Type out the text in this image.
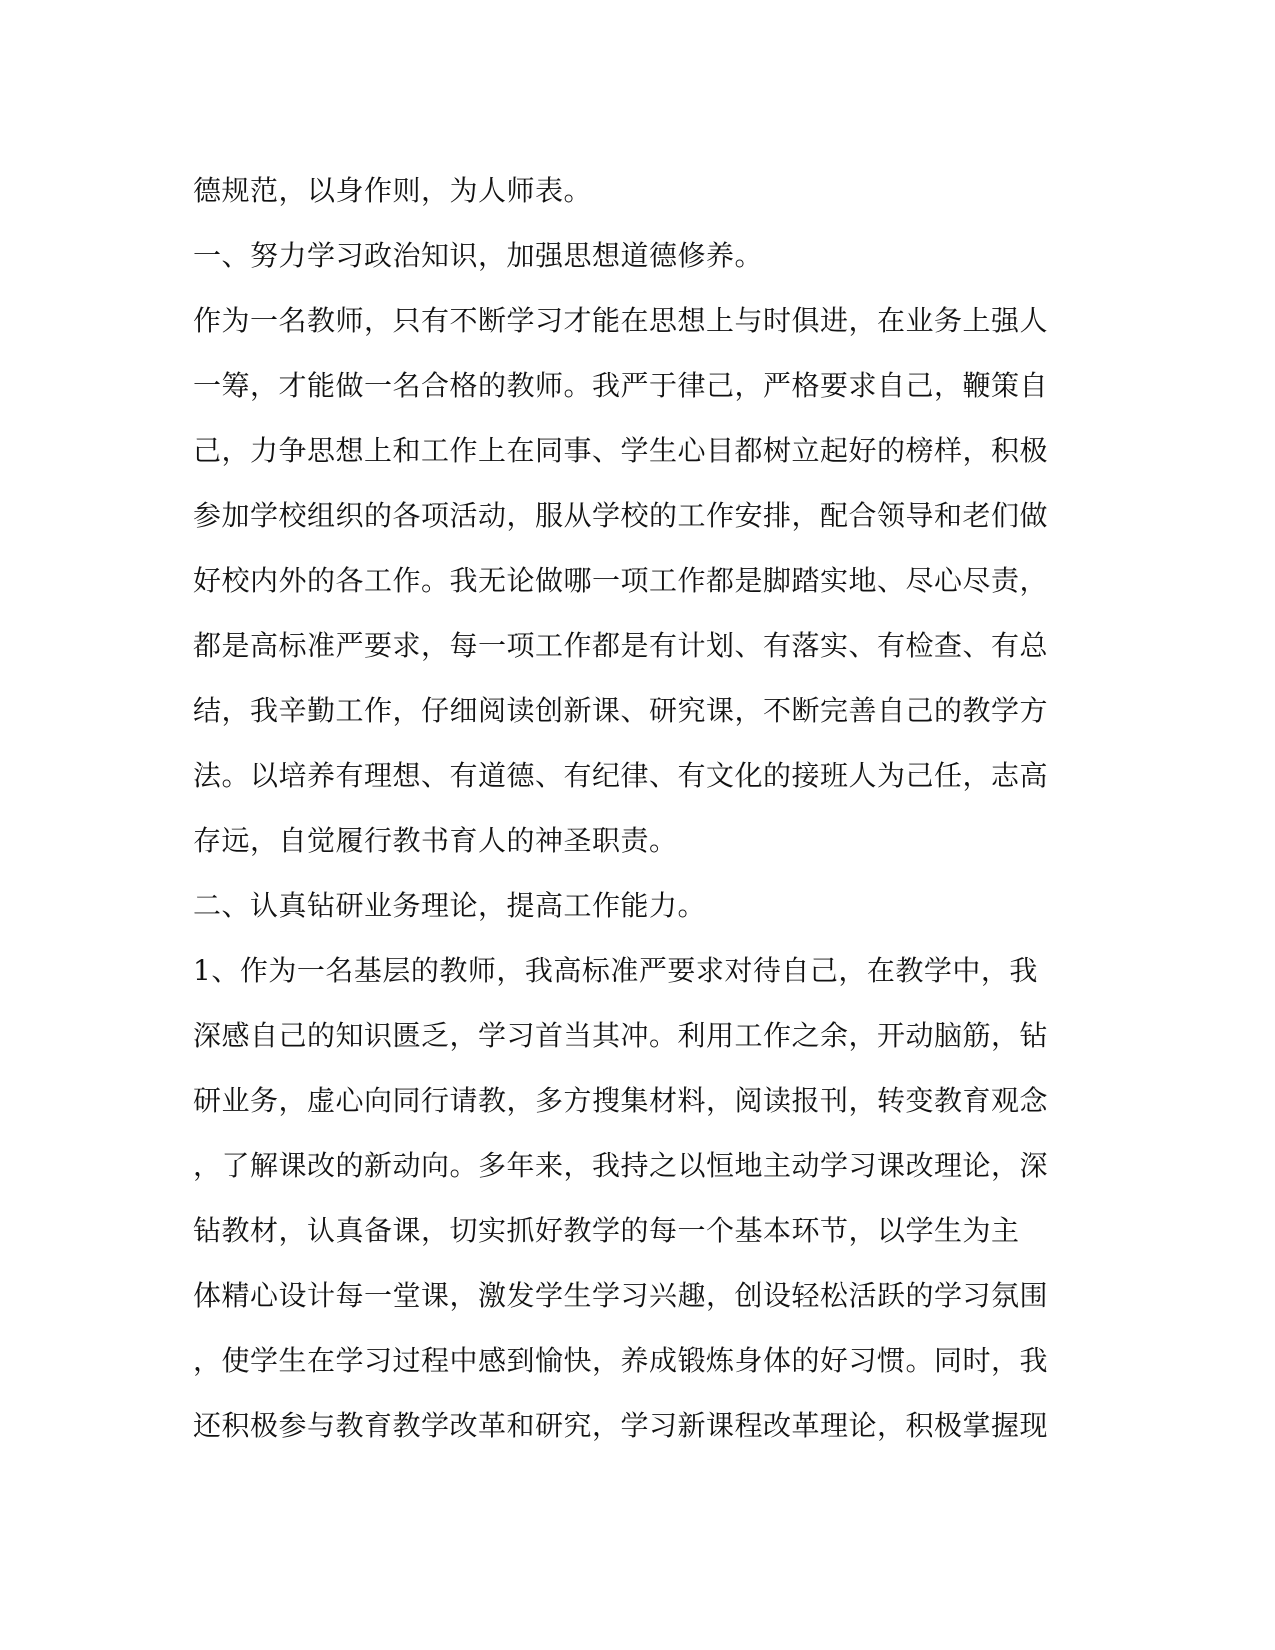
德规范，以身作则，为人师表。
一、努力学习政治知识，加强思想道德修养。
作为一名教师，只有不断学习才能在思想上与时俱进，在业务上强人
一筹，才能做一名合格的教师。我严于律己，严格要求自己，鞭策自
己，力争思想上和工作上在同事、学生心目都树立起好的榜样，积极
参加学校组织的各项活动，服从学校的工作安排，配合领导和老们做
好校内外的各工作。我无论做哪一项工作都是脚踏实地、尽心尽责，
都是高标准严要求，每一项工作都是有计划、有落实、有检查、有总
结，我辛勤工作，仔细阅读创新课、研究课，不断完善自己的教学方
法。以培养有理想、有道德、有纪律、有文化的接班人为己任，志高
存远，自觉履行教书育人的神圣职责。
二、认真钻研业务理论，提高工作能力。
1、作为一名基层的教师，我高标准严要求对待自己，在教学中，我
深感自己的知识匮乏，学习首当其冲。利用工作之余，开动脑筋，钻
研业务，虚心向同行请教，多方搜集材料，阅读报刊，转变教育观念
，了解课改的新动向。多年来，我持之以恒地主动学习课改理论，深
钻教材，认真备课，切实抓好教学的每一个基本环节，以学生为主
体精心设计每一堂课，激发学生学习兴趣，创设轻松活跃的学习氛围
，使学生在学习过程中感到愉快，养成锻炼身体的好习惯。同时，我
还积极参与教育教学改革和研究，学习新课程改革理论，积极掌握现
